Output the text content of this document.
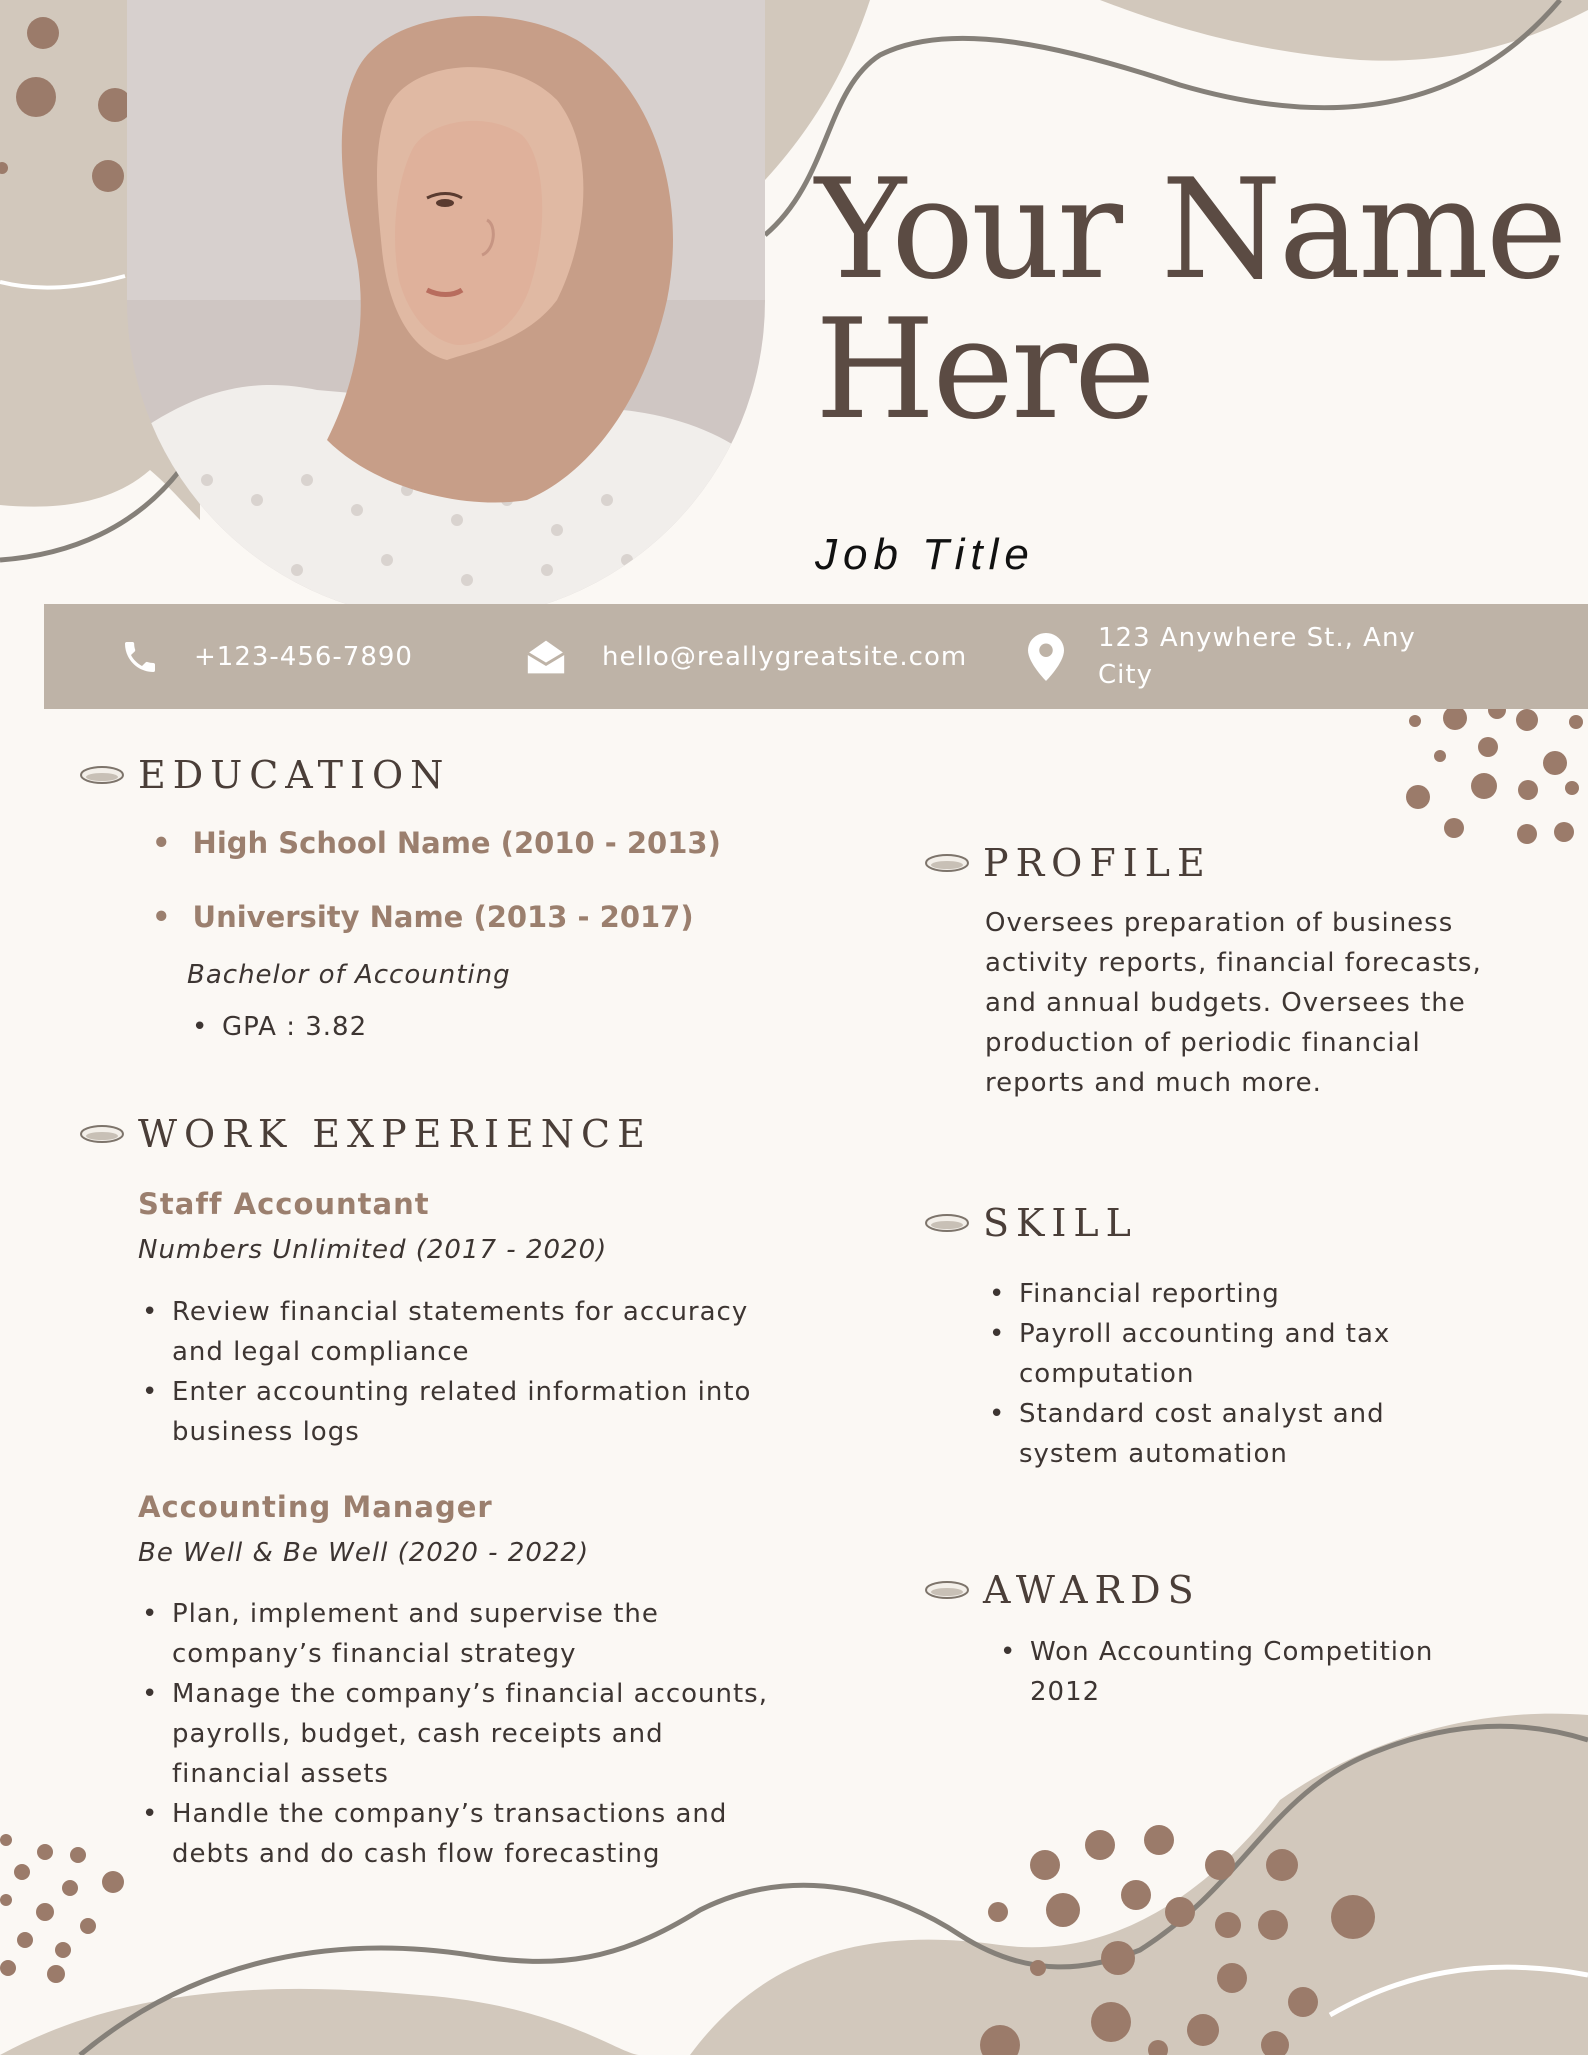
Your Name
Here
Job Title
+123-456-7890	hello@reallygreatsite.com
123 Anywhere St., Any
City
EDUCATION
• High School Name (2010 - 2013)
• University Name (2013 - 2017)
Bachelor of Accounting
• GPA : 3.82
WORK EXPERIENCE
Staff Accountant
Numbers Unlimited (2017 - 2020)
• Review financial statements for accuracy and legal compliance
• Enter accounting related information into business logs
Accounting Manager
Be Well & Be Well (2020 - 2022)
• Plan, implement and supervise the company’s financial strategy
• Manage the company’s financial accounts, payrolls, budget, cash receipts and financial assets
• Handle the company’s transactions and debts and do cash flow forecasting
PROFILE
Oversees preparation of business activity reports, financial forecasts, and annual budgets. Oversees the production of periodic financial reports and much more.
SKILL
• Financial reporting
• Payroll accounting and tax computation
• Standard cost analyst and system automation
AWARDS
• Won Accounting Competition 2012
